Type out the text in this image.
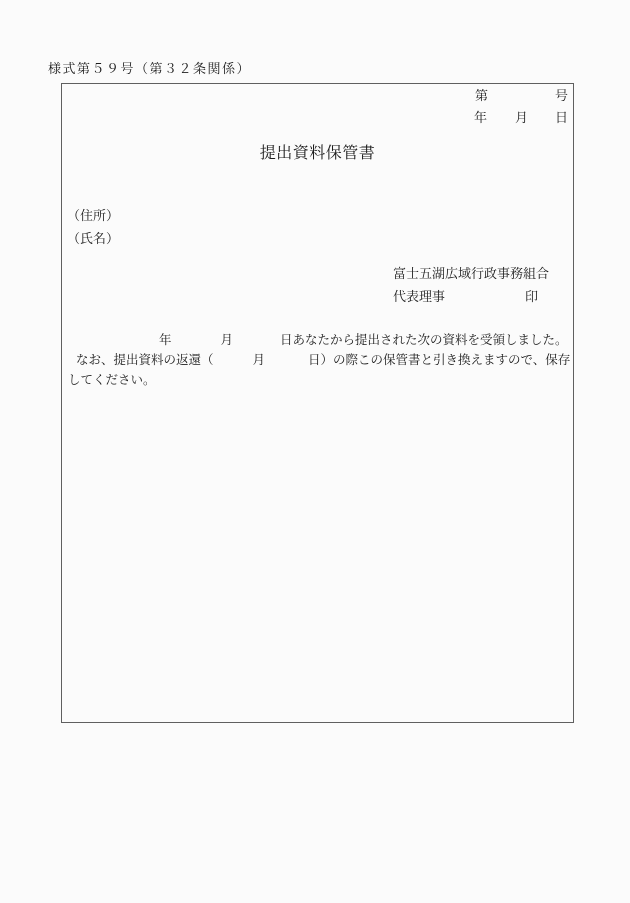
様式第５９号（第３２条関係）
第	号
年 月 日
提出資料保管書
（住所）
（氏名）
富士五湖広域行政事務組合
代表理事	印
年	月	日あなたから提出された次の資料を受領しました。
なお、提出資料の返還（	月	日）の際この保管書と引き換えますので、保存
してください。
